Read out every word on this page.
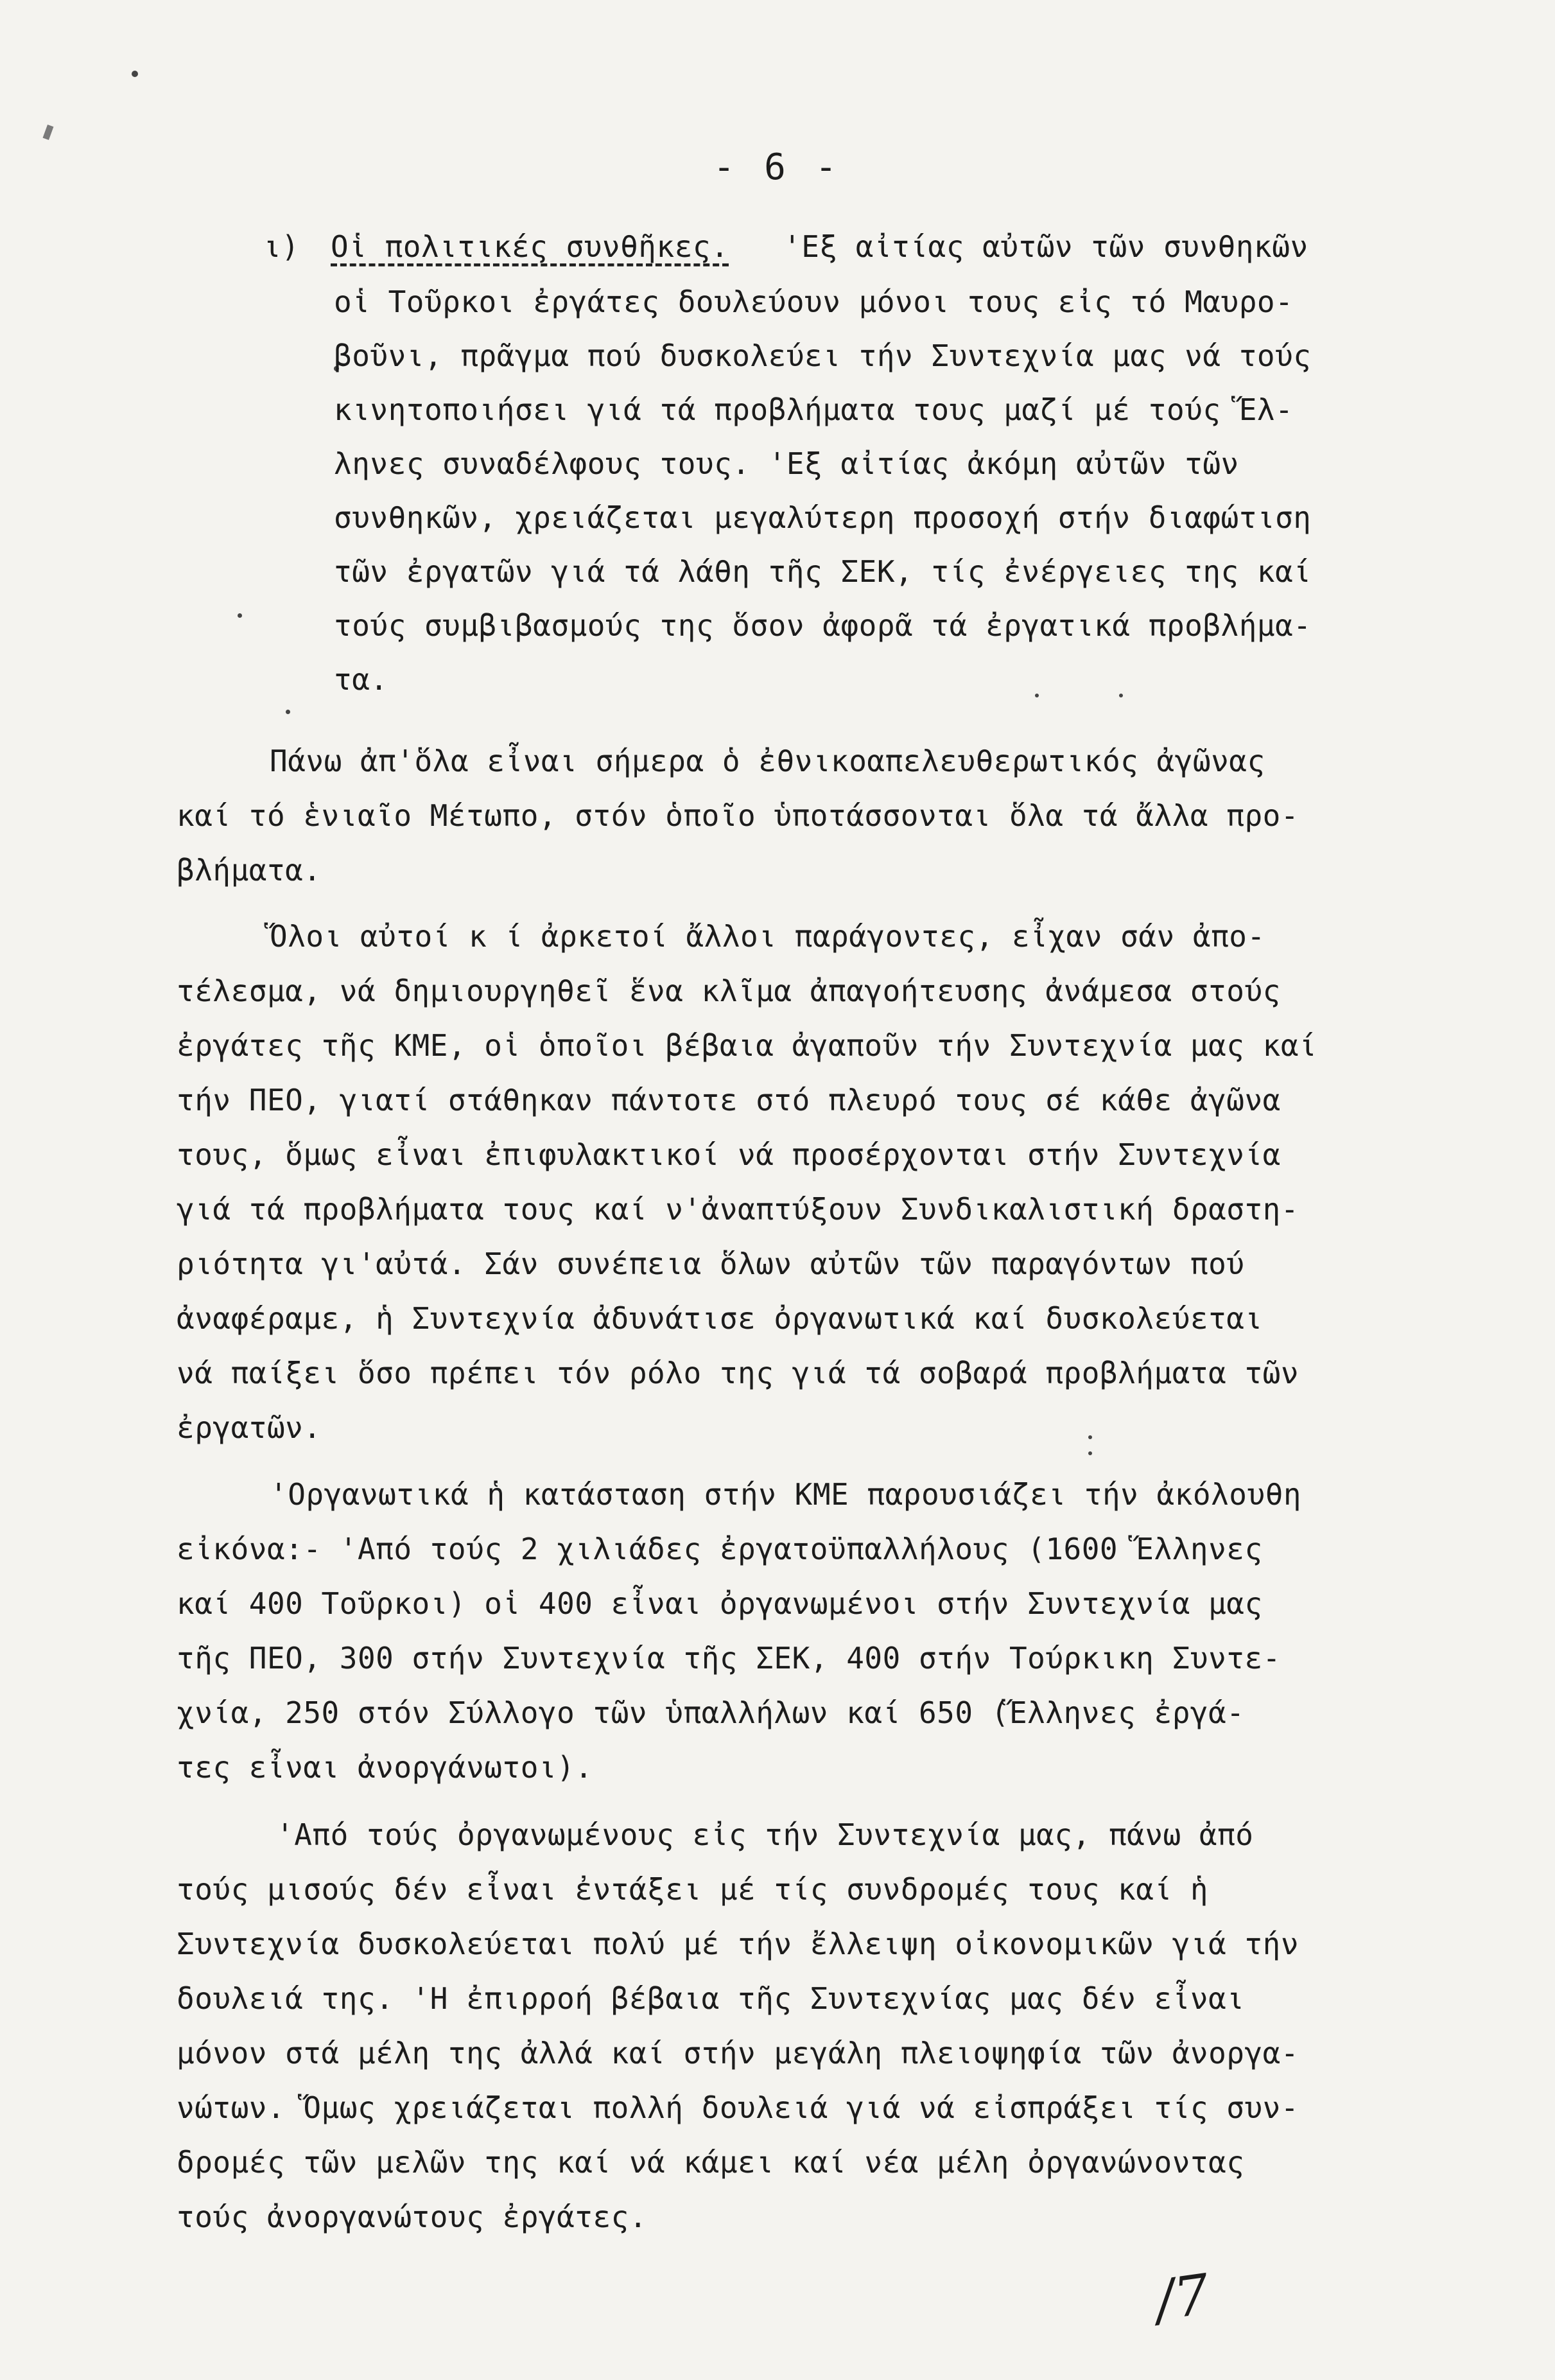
- 6 -
ι) Οἱ πολιτικές συνθῆκες. 'Εξ αἰτίας αὐτῶν τῶν συνθηκῶν
οἱ Τοῦρκοι ἐργάτες δουλεύουν μόνοι τους εἰς τό Μαυρο-
βοῦνι, πρᾶγμα πού δυσκολεύει τήν Συντεχνία μας νά τούς
κινητοποιήσει γιά τά προβλήματα τους μαζί μέ τούς Ἕλ-
ληνες συναδέλφους τους. 'Εξ αἰτίας ἀκόμη αὐτῶν τῶν
συνθηκῶν, χρειάζεται μεγαλύτερη προσοχή στήν διαφώτιση
τῶν ἐργατῶν γιά τά λάθη τῆς ΣΕΚ, τίς ἐνέργειες της καί
τούς συμβιβασμούς της ὅσον ἀφορᾶ τά ἐργατικά προβλήμα-
τα.
Πάνω ἀπ'ὅλα εἶναι σήμερα ὁ ἐθνικοαπελευθερωτικός ἀγῶνας
καί τό ἑνιαῖο Μέτωπο, στόν ὁποῖο ὑποτάσσονται ὅλα τά ἄλλα προ-
βλήματα.
Ὅλοι αὐτοί κ ί ἀρκετοί ἄλλοι παράγοντες, εἶχαν σάν ἀπο-
τέλεσμα, νά δημιουργηθεῖ ἕνα κλῖμα ἀπαγοήτευσης ἀνάμεσα στούς
ἐργάτες τῆς ΚΜΕ, οἱ ὁποῖοι βέβαια ἀγαποῦν τήν Συντεχνία μας καί
τήν ΠΕΟ, γιατί στάθηκαν πάντοτε στό πλευρό τους σέ κάθε ἀγῶνα
τους, ὅμως εἶναι ἐπιφυλακτικοί νά προσέρχονται στήν Συντεχνία
γιά τά προβλήματα τους καί ν'ἀναπτύξουν Συνδικαλιστική δραστη-
ριότητα γι'αὐτά. Σάν συνέπεια ὅλων αὐτῶν τῶν παραγόντων πού
ἀναφέραμε, ἡ Συντεχνία ἀδυνάτισε ὀργανωτικά καί δυσκολεύεται
νά παίξει ὅσο πρέπει τόν ρόλο της γιά τά σοβαρά προβλήματα τῶν
ἐργατῶν.
'Οργανωτικά ἡ κατάσταση στήν ΚΜΕ παρουσιάζει τήν ἀκόλουθη
εἰκόνα:- 'Από τούς 2 χιλιάδες ἐργατοϋπαλλήλους (1600 Ἕλληνες
καί 400 Τοῦρκοι) οἱ 400 εἶναι ὀργανωμένοι στήν Συντεχνία μας
τῆς ΠΕΟ, 300 στήν Συντεχνία τῆς ΣΕΚ, 400 στήν Τούρκικη Συντε-
χνία, 250 στόν Σύλλογο τῶν ὑπαλλήλων καί 650 (Ἕλληνες ἐργά-
τες εἶναι ἀνοργάνωτοι).
'Από τούς ὀργανωμένους εἰς τήν Συντεχνία μας, πάνω ἀπό
τούς μισούς δέν εἶναι ἐντάξει μέ τίς συνδρομές τους καί ἡ
Συντεχνία δυσκολεύεται πολύ μέ τήν ἔλλειψη οἰκονομικῶν γιά τήν
δουλειά της. 'Η ἐπιρροή βέβαια τῆς Συντεχνίας μας δέν εἶναι
μόνον στά μέλη της ἀλλά καί στήν μεγάλη πλειοψηφία τῶν ἀνοργα-
νώτων. Ὅμως χρειάζεται πολλή δουλειά γιά νά εἰσπράξει τίς συν-
δρομές τῶν μελῶν της καί νά κάμει καί νέα μέλη ὀργανώνοντας
τούς ἀνοργανώτους ἐργάτες.
/7
